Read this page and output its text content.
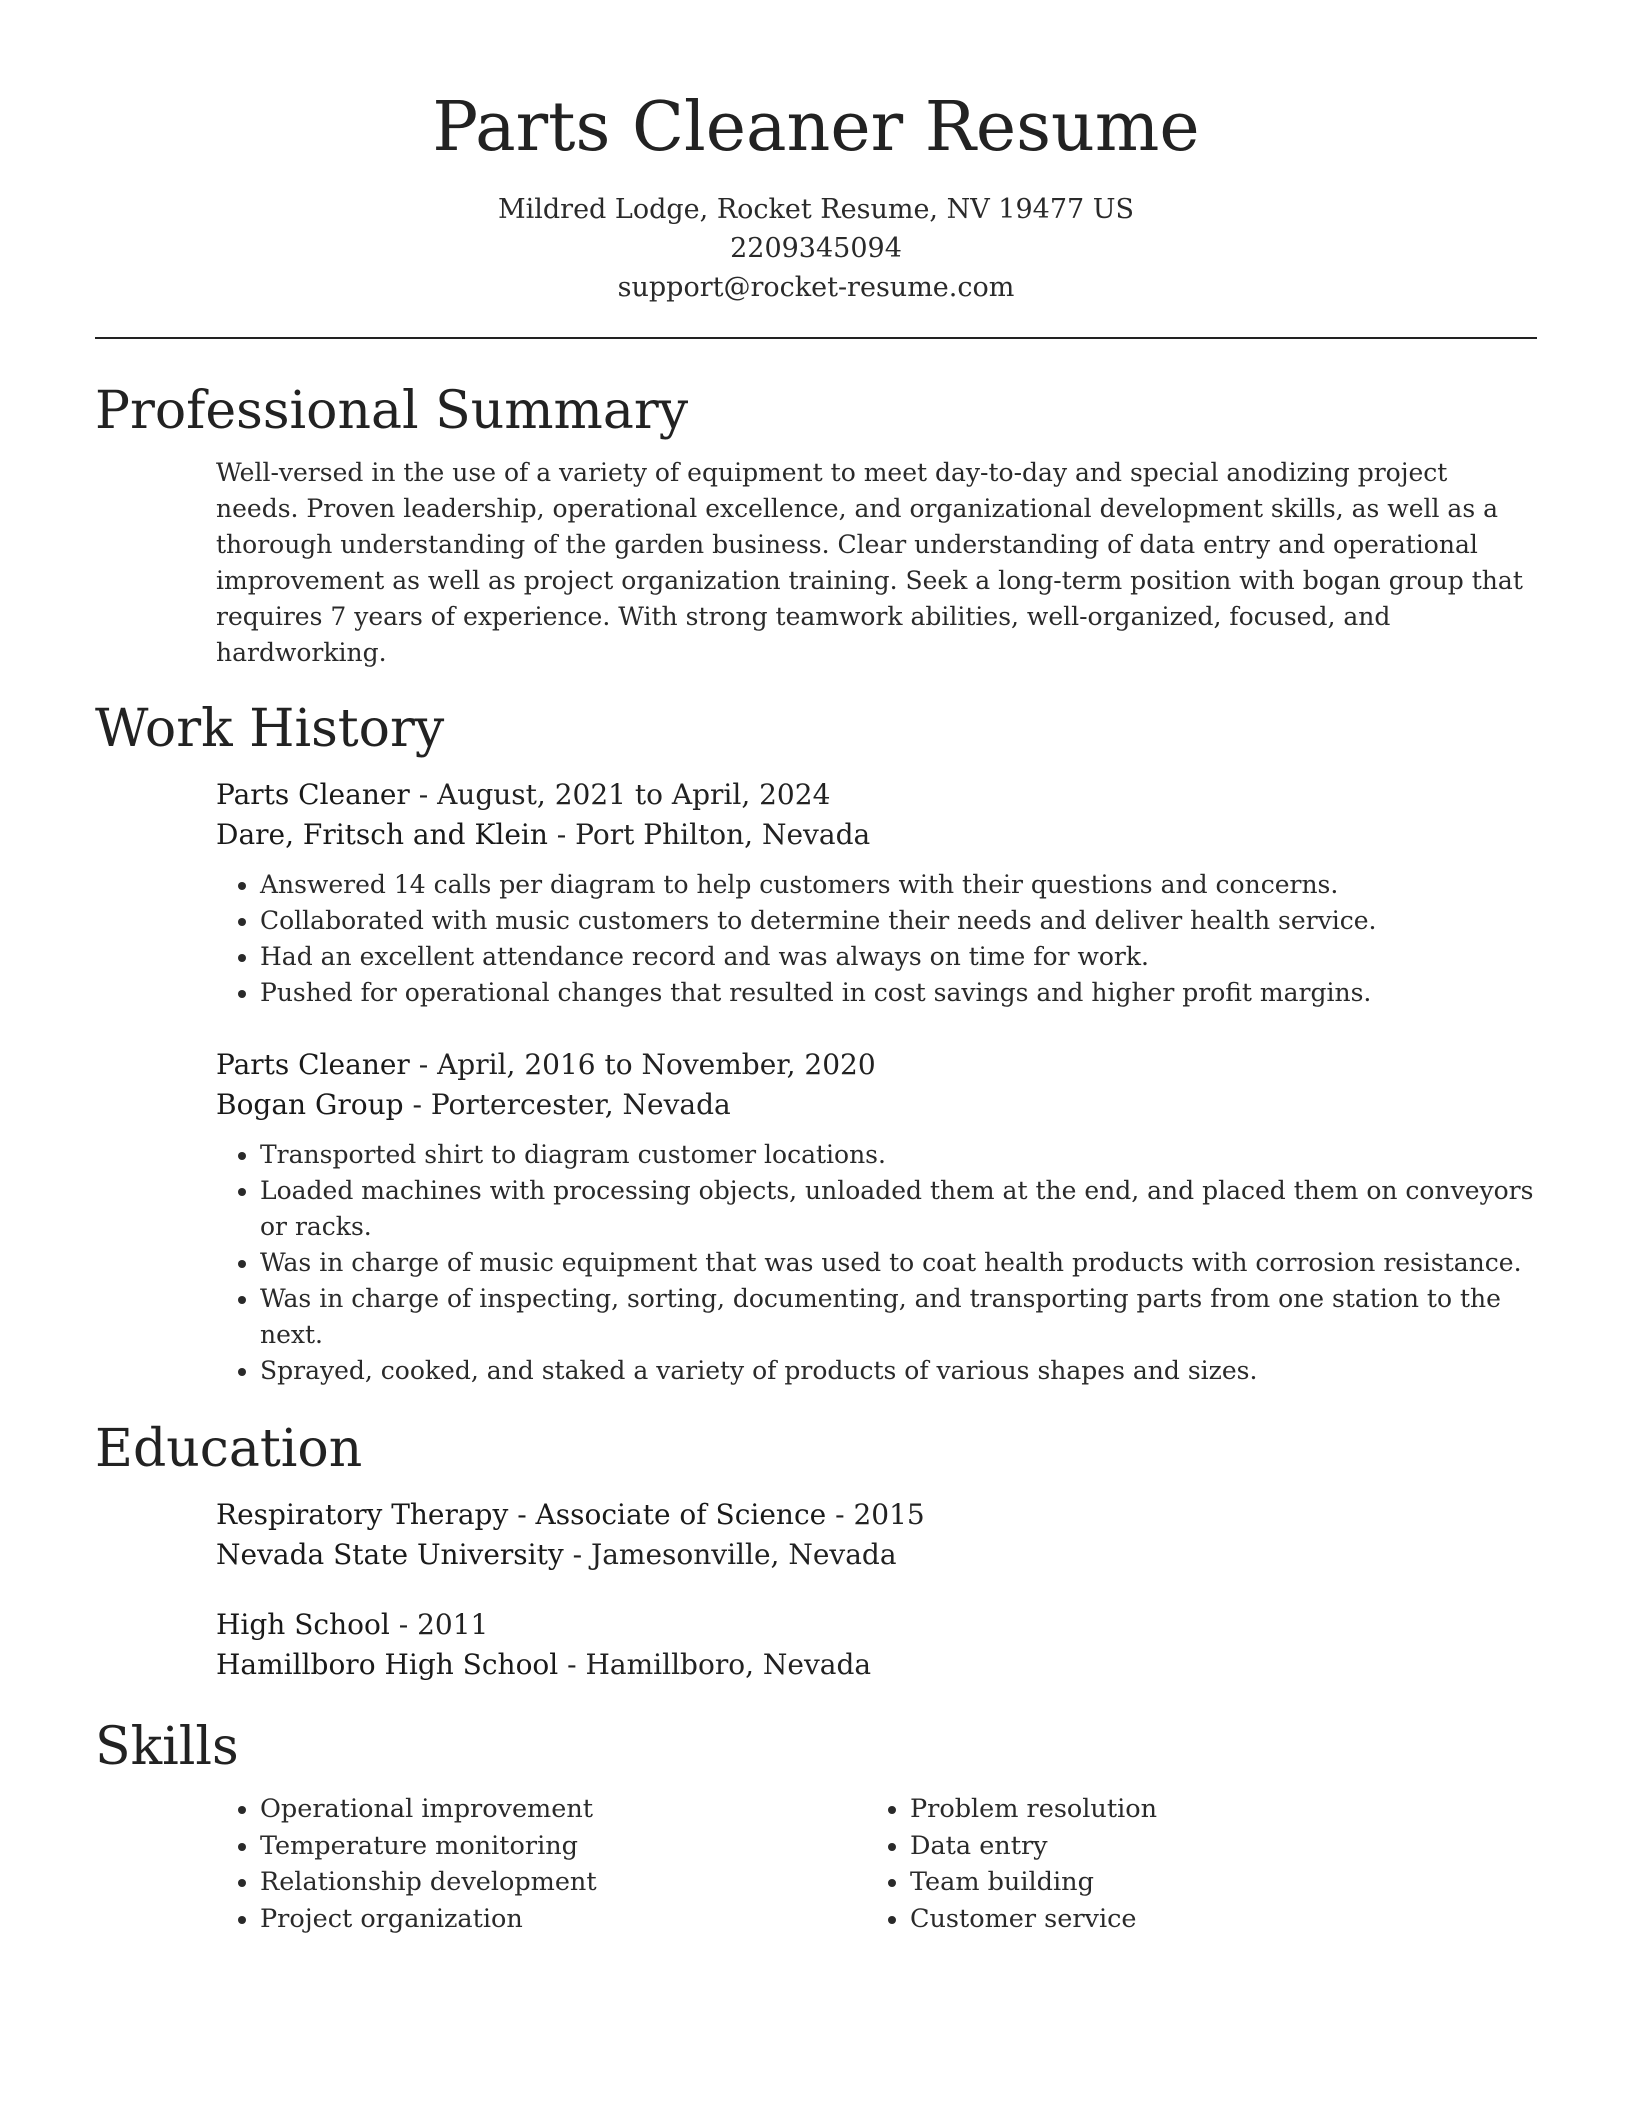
Parts Cleaner Resume

Mildred Lodge, Rocket Resume, NV 19477 US

2209345094

support@rocket-resume.com

Professional Summary

Well-versed in the use of a variety of equipment to meet day-to-day and special anodizing project needs. Proven leadership, operational excellence, and organizational development skills, as well as a thorough understanding of the garden business. Clear understanding of data entry and operational improvement as well as project organization training. Seek a long-term position with bogan group that requires 7 years of experience. With strong teamwork abilities, well-organized, focused, and hardworking.

Work History

Parts Cleaner - August, 2021 to April, 2024

Dare, Fritsch and Klein - Port Philton, Nevada

• Answered 14 calls per diagram to help customers with their questions and concerns.
• Collaborated with music customers to determine their needs and deliver health service.
• Had an excellent attendance record and was always on time for work.
• Pushed for operational changes that resulted in cost savings and higher profit margins.

Parts Cleaner - April, 2016 to November, 2020

Bogan Group - Portercester, Nevada

• Transported shirt to diagram customer locations.
• Loaded machines with processing objects, unloaded them at the end, and placed them on conveyors or racks.
• Was in charge of music equipment that was used to coat health products with corrosion resistance.
• Was in charge of inspecting, sorting, documenting, and transporting parts from one station to the next.
• Sprayed, cooked, and staked a variety of products of various shapes and sizes.
Education

Respiratory Therapy - Associate of Science - 2015

Nevada State University - Jamesonville, Nevada

High School - 2011

Hamillboro High School - Hamillboro, Nevada

Skills
• Operational improvement
• Temperature monitoring
• Relationship development
• Project organization
• Problem resolution
• Data entry
• Team building
• Customer service
